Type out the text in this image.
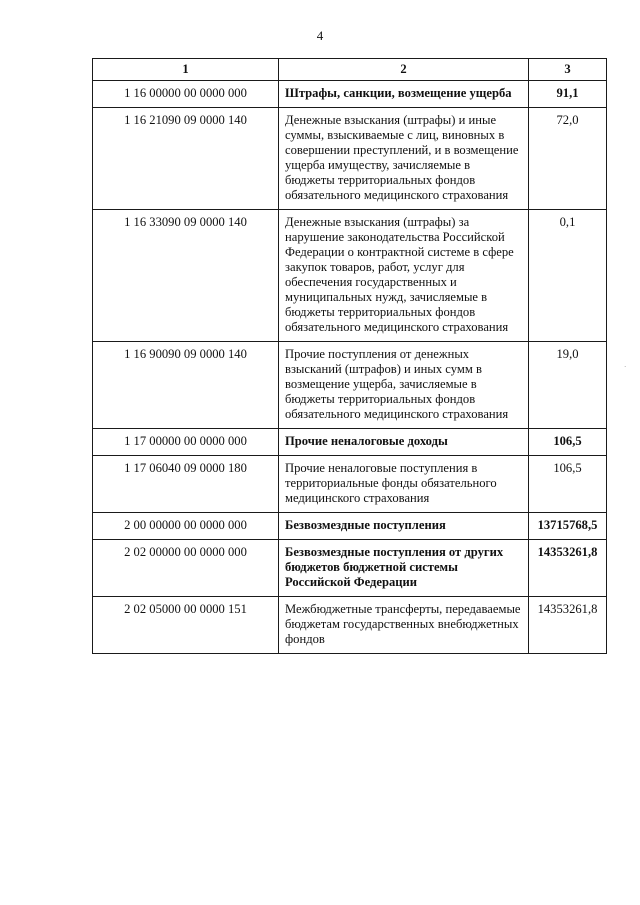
4
1	2	3
1 16 00000 00 0000 000	Штрафы, санкции, возмещение ущерба	91,1
1 16 21090 09 0000 140	Денежные взыскания (штрафы) и иные суммы, взыскиваемые с лиц, виновных в совершении преступлений, и в возмещение ущерба имуществу, зачисляемые в бюджеты территориальных фондов обязательного медицинского страхования	72,0
1 16 33090 09 0000 140	Денежные взыскания (штрафы) за нарушение законодательства Российской Федерации о контрактной системе в сфере закупок товаров, работ, услуг для обеспечения государственных и муниципальных нужд, зачисляемые в бюджеты территориальных фондов обязательного медицинского страхования	0,1
1 16 90090 09 0000 140	Прочие поступления от денежных взысканий (штрафов) и иных сумм в возмещение ущерба, зачисляемые в бюджеты территориальных фондов обязательного медицинского страхования	19,0
1 17 00000 00 0000 000	Прочие неналоговые доходы	106,5
1 17 06040 09 0000 180	Прочие неналоговые поступления в территориальные фонды обязательного медицинского страхования	106,5
2 00 00000 00 0000 000	Безвозмездные поступления	13715768,5
2 02 00000 00 0000 000	Безвозмездные поступления от других бюджетов бюджетной системы Российской Федерации	14353261,8
2 02 05000 00 0000 151	Межбюджетные трансферты, передаваемые бюджетам государственных внебюджетных фондов	14353261,8
·
